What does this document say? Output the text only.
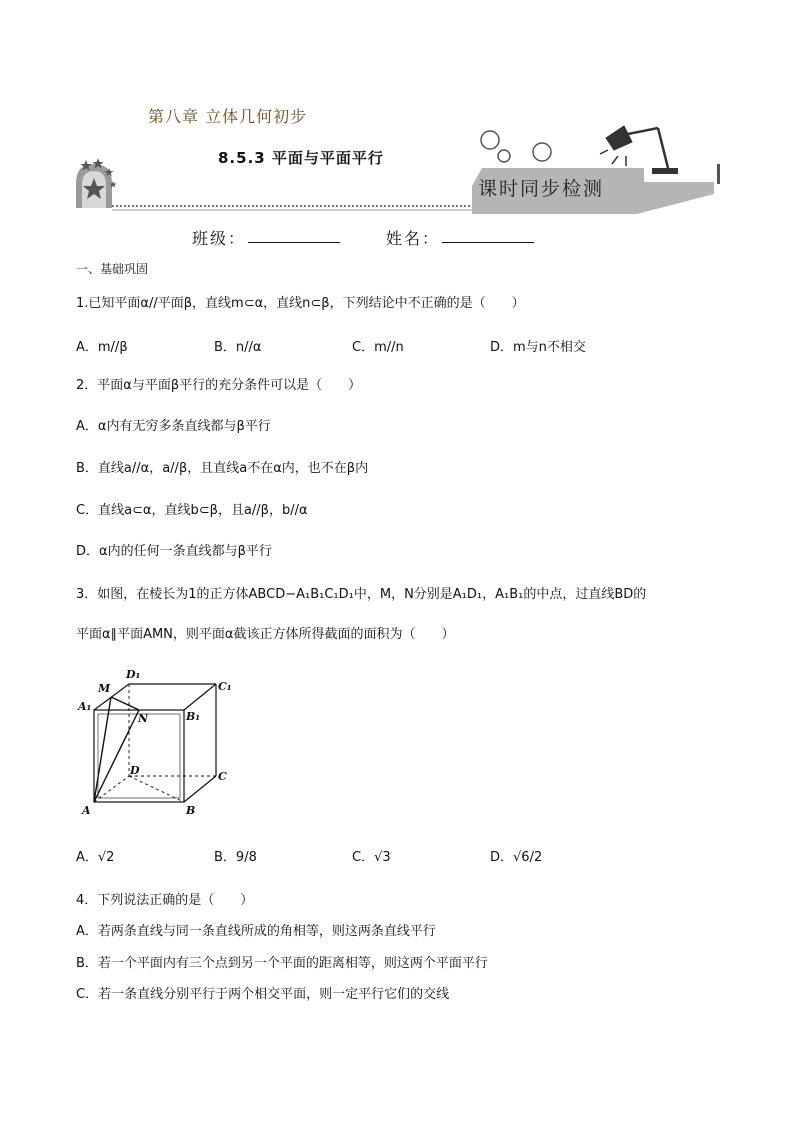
第八章 立体几何初步
8.5.3 平面与平面平行
课时同步检测
班级：	姓名：
一、基础巩固
1.已知平面α//平面β，直线m⊂α，直线n⊂β，下列结论中不正确的是（　　）
A．m//β	B．n//α	C．m//n	D．m与n不相交
2．平面α与平面β平行的充分条件可以是（　　）
A．α内有无穷多条直线都与β平行
B．直线a//α，a//β，且直线a不在α内，也不在β内
C．直线a⊂α，直线b⊂β，且a//β，b//α
D．α内的任何一条直线都与β平行
3．如图，在棱长为1的正方体ABCD−A₁B₁C₁D₁中，M，N分别是A₁D₁，A₁B₁的中点，过直线BD的
平面α∥平面AMN，则平面α截该正方体所得截面的面积为（　　）
M
D₁
C₁
A₁
N	B₁
D	C
A	B
A．√2	B．9/8	C．√3	D．√6/2
4．下列说法正确的是（　　）
A．若两条直线与同一条直线所成的角相等，则这两条直线平行
B．若一个平面内有三个点到另一个平面的距离相等，则这两个平面平行
C．若一条直线分别平行于两个相交平面，则一定平行它们的交线
